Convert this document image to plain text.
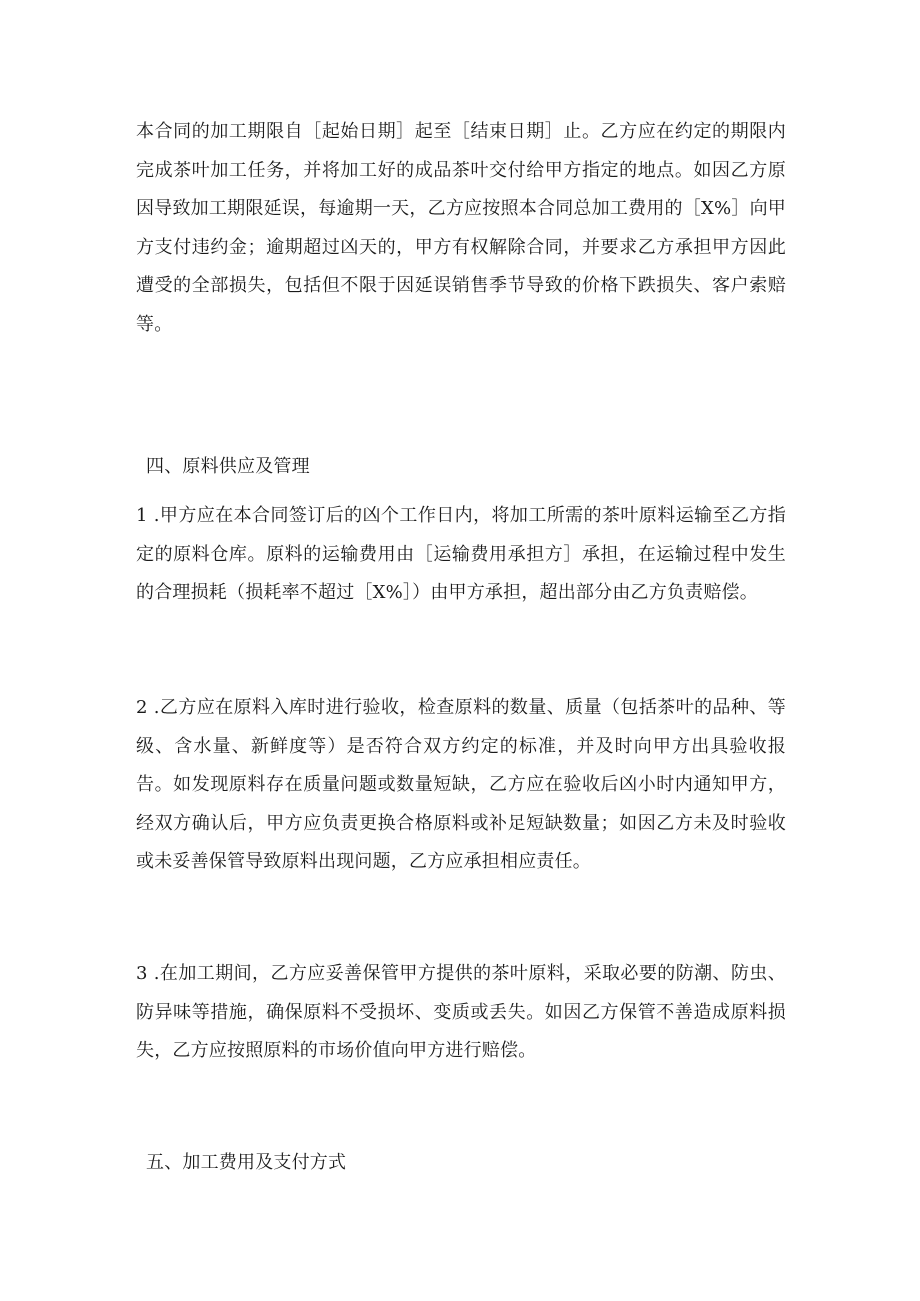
本合同的加工期限自［起始日期］起至［结束日期］止。乙方应在约定的期限内完成茶叶加工任务，并将加工好的成品茶叶交付给甲方指定的地点。如因乙方原因导致加工期限延误，每逾期一天，乙方应按照本合同总加工费用的［X%］向甲方支付违约金；逾期超过凶天的，甲方有权解除合同，并要求乙方承担甲方因此遭受的全部损失，包括但不限于因延误销售季节导致的价格下跌损失、客户索赔等。

四、原料供应及管理

1 .甲方应在本合同签订后的凶个工作日内，将加工所需的茶叶原料运输至乙方指定的原料仓库。原料的运输费用由［运输费用承担方］承担，在运输过程中发生的合理损耗（损耗率不超过［X%］）由甲方承担，超出部分由乙方负责赔偿。

2 .乙方应在原料入库时进行验收，检查原料的数量、质量（包括茶叶的品种、等级、含水量、新鲜度等）是否符合双方约定的标准，并及时向甲方出具验收报告。如发现原料存在质量问题或数量短缺，乙方应在验收后凶小时内通知甲方，经双方确认后，甲方应负责更换合格原料或补足短缺数量；如因乙方未及时验收或未妥善保管导致原料出现问题，乙方应承担相应责任。

3 .在加工期间，乙方应妥善保管甲方提供的茶叶原料，采取必要的防潮、防虫、防异味等措施，确保原料不受损坏、变质或丢失。如因乙方保管不善造成原料损失，乙方应按照原料的市场价值向甲方进行赔偿。

五、加工费用及支付方式
